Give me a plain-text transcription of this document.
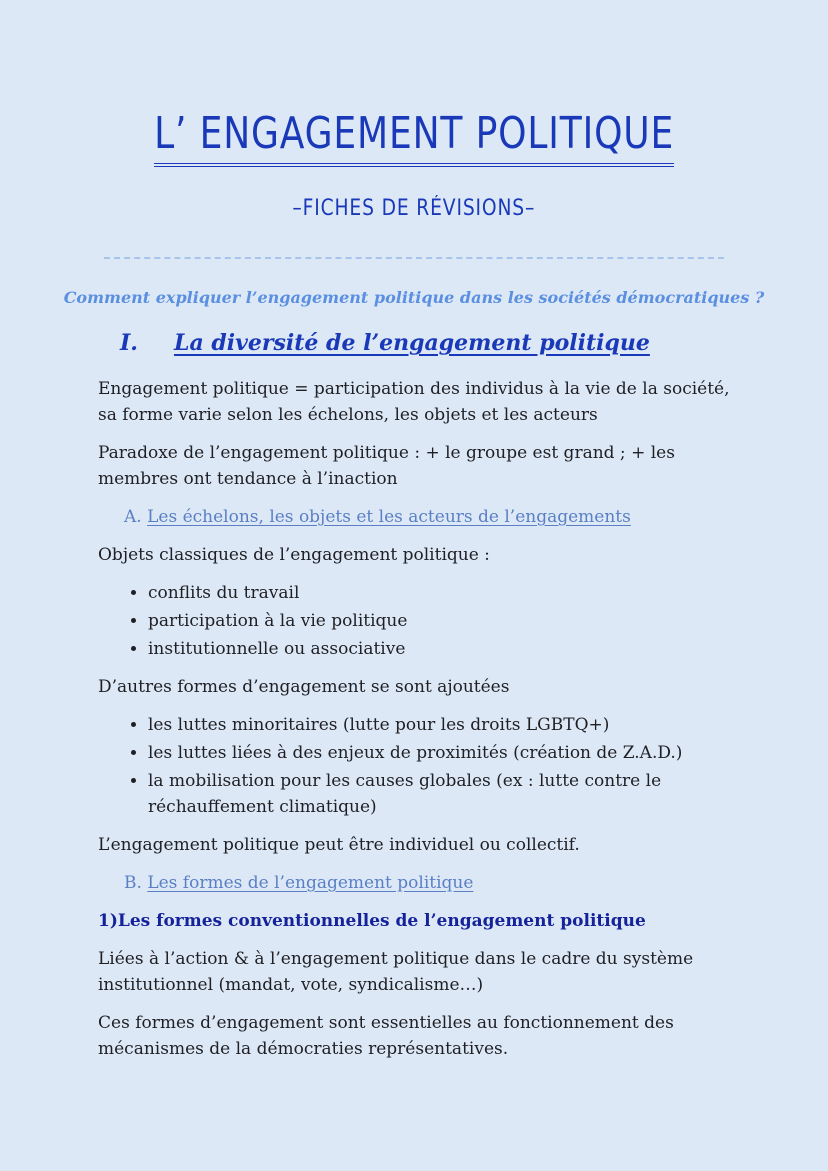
L’ ENGAGEMENT POLITIQUE
–FICHES DE RÉVISIONS–
Comment expliquer l’engagement politique dans les sociétés démocratiques ?
I. La diversité de l’engagement politique

Engagement politique = participation des individus à la vie de la société, sa forme varie selon les échelons, les objets et les acteurs

Paradoxe de l’engagement politique : + le groupe est grand ; + les membres ont tendance à l’inaction

A. Les échelons, les objets et les acteurs de l’engagements

Objets classiques de l’engagement politique :

• conflits du travail
• participation à la vie politique
• institutionnelle ou associative

D’autres formes d’engagement se sont ajoutées

• les luttes minoritaires (lutte pour les droits LGBTQ+)
• les luttes liées à des enjeux de proximités (création de Z.A.D.)
• la mobilisation pour les causes globales (ex : lutte contre le réchauffement climatique)

L’engagement politique peut être individuel ou collectif.

B. Les formes de l’engagement politique

1)Les formes conventionnelles de l’engagement politique

Liées à l’action & à l’engagement politique dans le cadre du système institutionnel (mandat, vote, syndicalisme…)

Ces formes d’engagement sont essentielles au fonctionnement des mécanismes de la démocraties représentatives.
